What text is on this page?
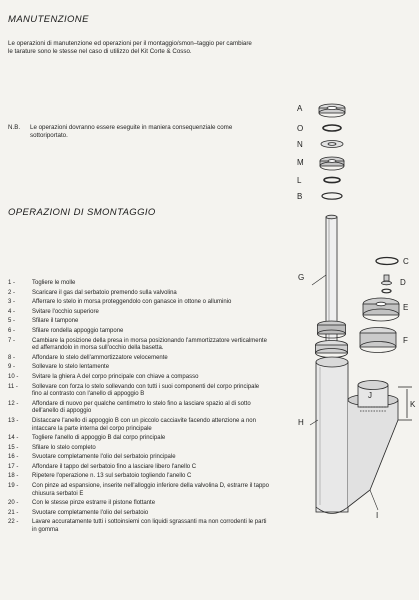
MANUTENZIONE
Le operazioni di manutenzione ed operazioni per il montaggio/smon–taggio per cambiare le tarature sono le stesse nel caso di utilizzo del Kit Corte & Cosso.
N.B.	Le operazioni dovranno essere eseguite in maniera consequenziale come sottoriportato.
OPERAZIONI DI SMONTAGGIO
1 -	Togliere le molle
2 -	Scaricare il gas dal serbatoio premendo sulla valvolina
3 -	Afferrare lo stelo in morsa proteggendolo con ganasce in ottone o alluminio
4 -	Svitare l'occhio superiore
5 -	Sfilare il tampone
6 -	Sfilare rondella appoggio tampone
7 -	Cambiare la posizione della presa in morsa posizionando l'ammortizzatore verticalmente ed afferrandolo in morsa sull'occhio della basetta.
8 -	Affondare lo stelo dell'ammortizzatore velocemente
9 -	Sollevare lo stelo lentamente
10 -	Svitare la ghiera A del corpo principale con chiave a compasso
11 -	Sollevare con forza lo stelo sollevando con tutti i suoi componenti del corpo principale fino al contrasto con l'anello di appoggio B
12 -	Affondare di nuovo per qualche centimetro lo stelo fino a lasciare spazio al di sotto dell'anello di appoggio
13 -	Distaccare l'anello di appoggio B con un piccolo cacciavite facendo attenzione a non intaccare la parte interna del corpo principale
14 -	Togliere l'anello di appoggio B dal corpo principale
15 -	Sfilare lo stelo completo
16 -	Svuotare completamente l'olio del serbatoio principale
17 -	Affondare il tappo del serbatoio fino a lasciare libero l'anello C
18 -	Ripetere l'operazione n. 13 sul serbatoio togliendo l'anello C
19 -	Con pinze ad espansione, inserite nell'alloggio inferiore della valvolina D, estrarre il tappo chiusura serbatoi E
20 -	Con le stesse pinze estrarre il pistone flottante
21 -	Svuotare completamente l'olio del serbatoio
22 -	Lavare accuratamente tutti i sottoinsiemi con liquidi sgrassanti ma non corrodenti le parti in gomma
A
O
N
M
L
B
C
D
E
F
G
H
I
J
K
